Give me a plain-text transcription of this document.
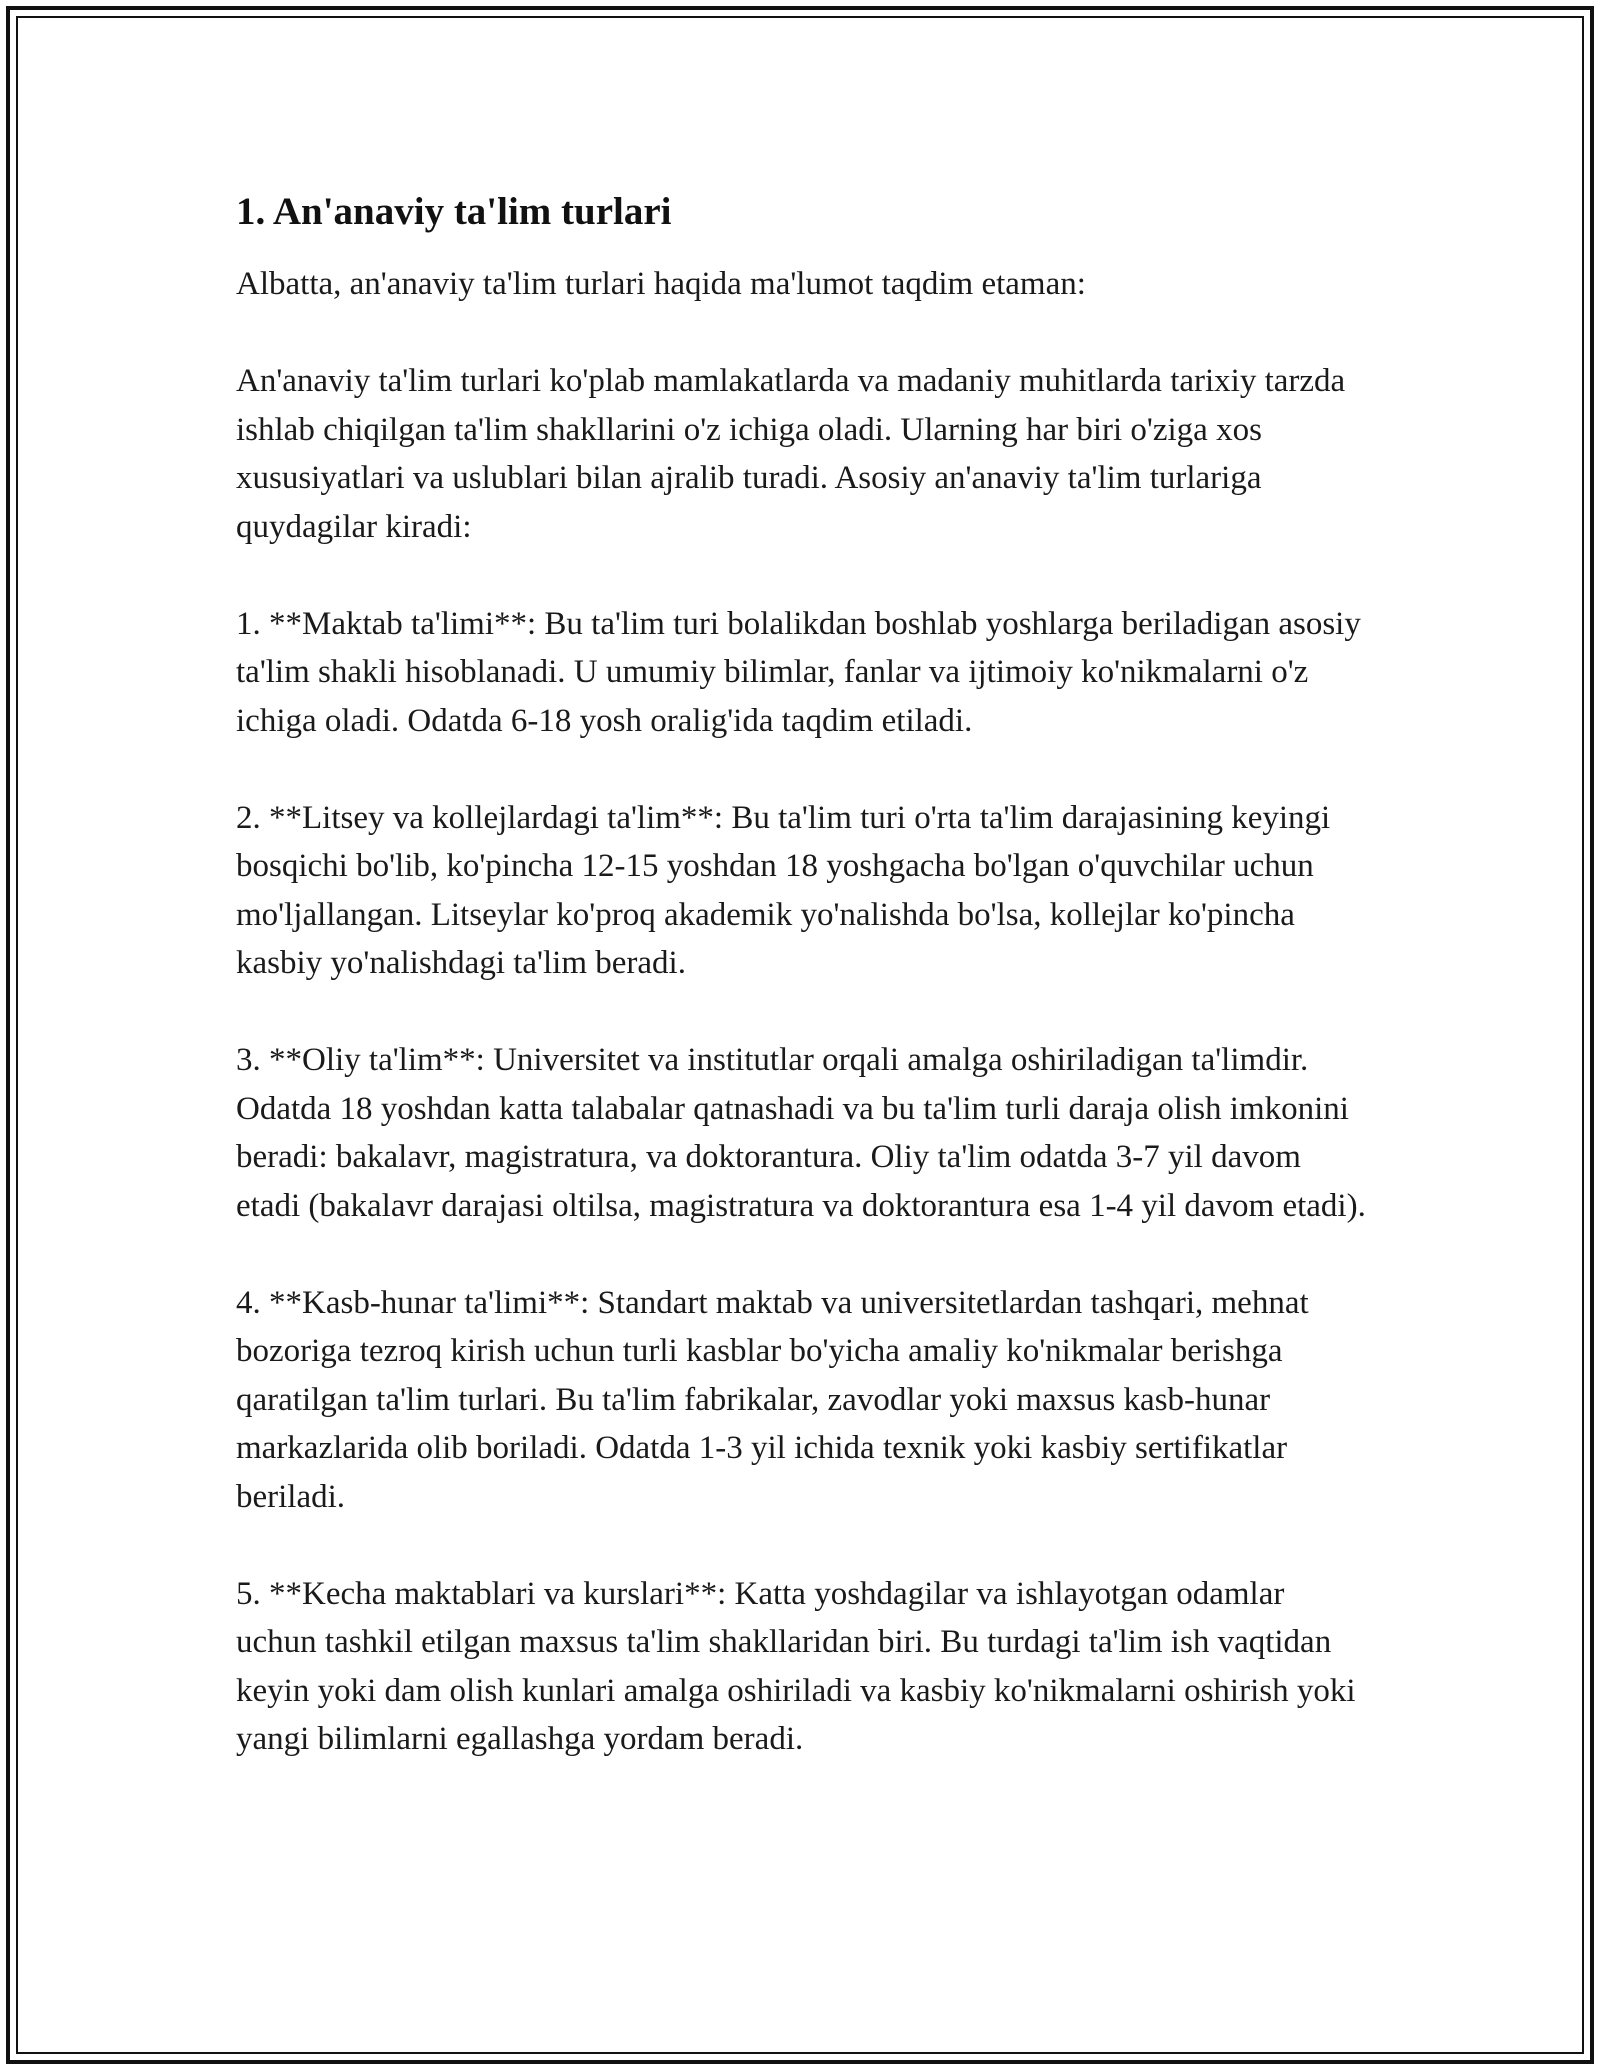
1. An'anaviy ta'lim turlari

Albatta, an'anaviy ta'lim turlari haqida ma'lumot taqdim etaman:

An'anaviy ta'lim turlari ko'plab mamlakatlarda va madaniy muhitlarda tarixiy tarzda ishlab chiqilgan ta'lim shakllarini o'z ichiga oladi. Ularning har biri o'ziga xos xususiyatlari va uslublari bilan ajralib turadi. Asosiy an'anaviy ta'lim turlariga quydagilar kiradi:

1. **Maktab ta'limi**: Bu ta'lim turi bolalikdan boshlab yoshlarga beriladigan asosiy ta'lim shakli hisoblanadi. U umumiy bilimlar, fanlar va ijtimoiy ko'nikmalarni o'z ichiga oladi. Odatda 6-18 yosh oralig'ida taqdim etiladi.

2. **Litsey va kollejlardagi ta'lim**: Bu ta'lim turi o'rta ta'lim darajasining keyingi bosqichi bo'lib, ko'pincha 12-15 yoshdan 18 yoshgacha bo'lgan o'quvchilar uchun mo'ljallangan. Litseylar ko'proq akademik yo'nalishda bo'lsa, kollejlar ko'pincha kasbiy yo'nalishdagi ta'lim beradi.

3. **Oliy ta'lim**: Universitet va institutlar orqali amalga oshiriladigan ta'limdir. Odatda 18 yoshdan katta talabalar qatnashadi va bu ta'lim turli daraja olish imkonini beradi: bakalavr, magistratura, va doktorantura. Oliy ta'lim odatda 3-7 yil davom etadi (bakalavr darajasi oltilsa, magistratura va doktorantura esa 1-4 yil davom etadi).

4. **Kasb-hunar ta'limi**: Standart maktab va universitetlardan tashqari, mehnat bozoriga tezroq kirish uchun turli kasblar bo'yicha amaliy ko'nikmalar berishga qaratilgan ta'lim turlari. Bu ta'lim fabrikalar, zavodlar yoki maxsus kasb-hunar markazlarida olib boriladi. Odatda 1-3 yil ichida texnik yoki kasbiy sertifikatlar beriladi.

5. **Kecha maktablari va kurslari**: Katta yoshdagilar va ishlayotgan odamlar uchun tashkil etilgan maxsus ta'lim shakllaridan biri. Bu turdagi ta'lim ish vaqtidan keyin yoki dam olish kunlari amalga oshiriladi va kasbiy ko'nikmalarni oshirish yoki yangi bilimlarni egallashga yordam beradi.
